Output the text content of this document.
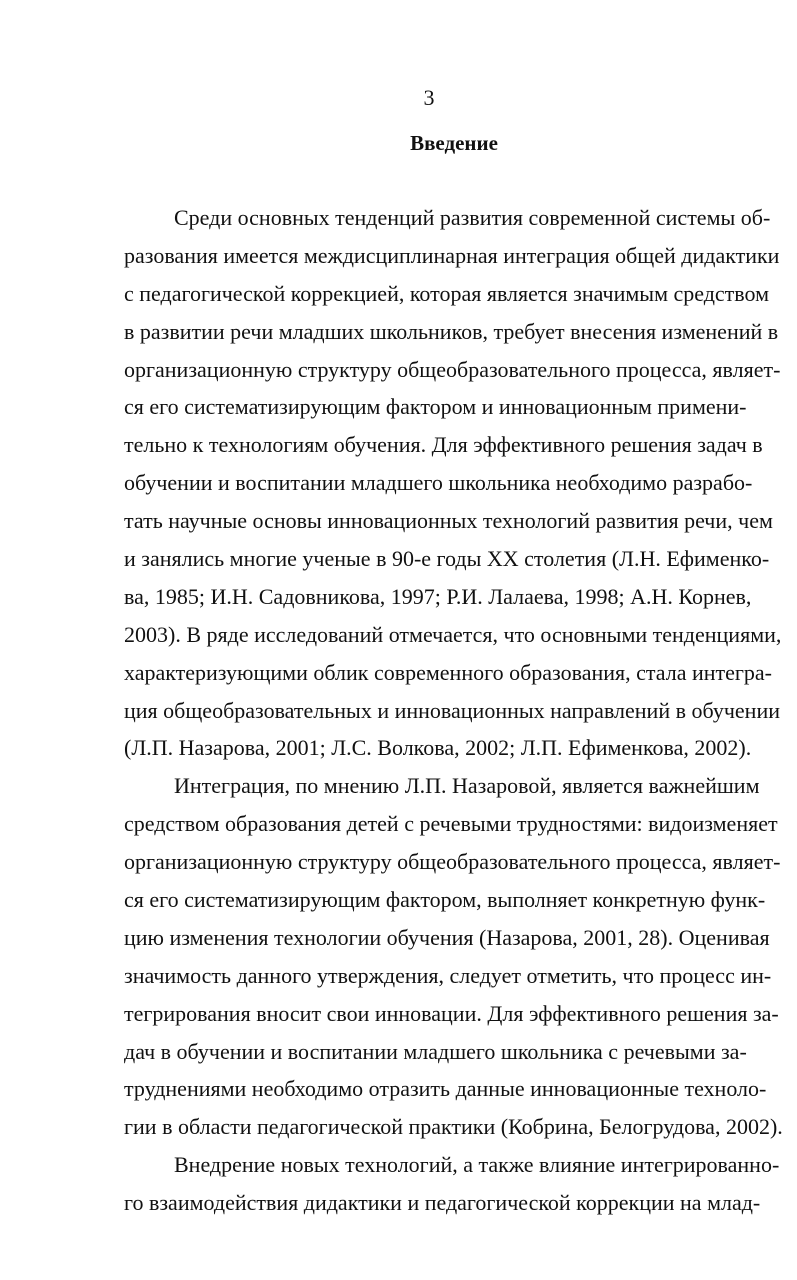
3
Введение
Среди основных тенденций развития современной системы об-
разования имеется междисциплинарная интеграция общей дидактики
с педагогической коррекцией, которая является значимым средством
в развитии речи младших школьников, требует внесения изменений в
организационную структуру общеобразовательного процесса, являет-
ся его систематизирующим фактором и инновационным примени-
тельно к технологиям обучения. Для эффективного решения задач в
обучении и воспитании младшего школьника необходимо разрабо-
тать научные основы инновационных технологий развития речи, чем
и занялись многие ученые в 90-е годы XX столетия (Л.Н. Ефименко-
ва, 1985; И.Н. Садовникова, 1997; Р.И. Лалаева, 1998; А.Н. Корнев,
2003). В ряде исследований отмечается, что основными тенденциями,
характеризующими облик современного образования, стала интегра-
ция общеобразовательных и инновационных направлений в обучении
(Л.П. Назарова, 2001; Л.С. Волкова, 2002; Л.П. Ефименкова, 2002).
Интеграция, по мнению Л.П. Назаровой, является важнейшим
средством образования детей с речевыми трудностями: видоизменяет
организационную структуру общеобразовательного процесса, являет-
ся его систематизирующим фактором, выполняет конкретную функ-
цию изменения технологии обучения (Назарова, 2001, 28). Оценивая
значимость данного утверждения, следует отметить, что процесс ин-
тегрирования вносит свои инновации. Для эффективного решения за-
дач в обучении и воспитании младшего школьника с речевыми за-
труднениями необходимо отразить данные инновационные техноло-
гии в области педагогической практики (Кобрина, Белогрудова, 2002).
Внедрение новых технологий, а также влияние интегрированно-
го взаимодействия дидактики и педагогической коррекции на млад-
